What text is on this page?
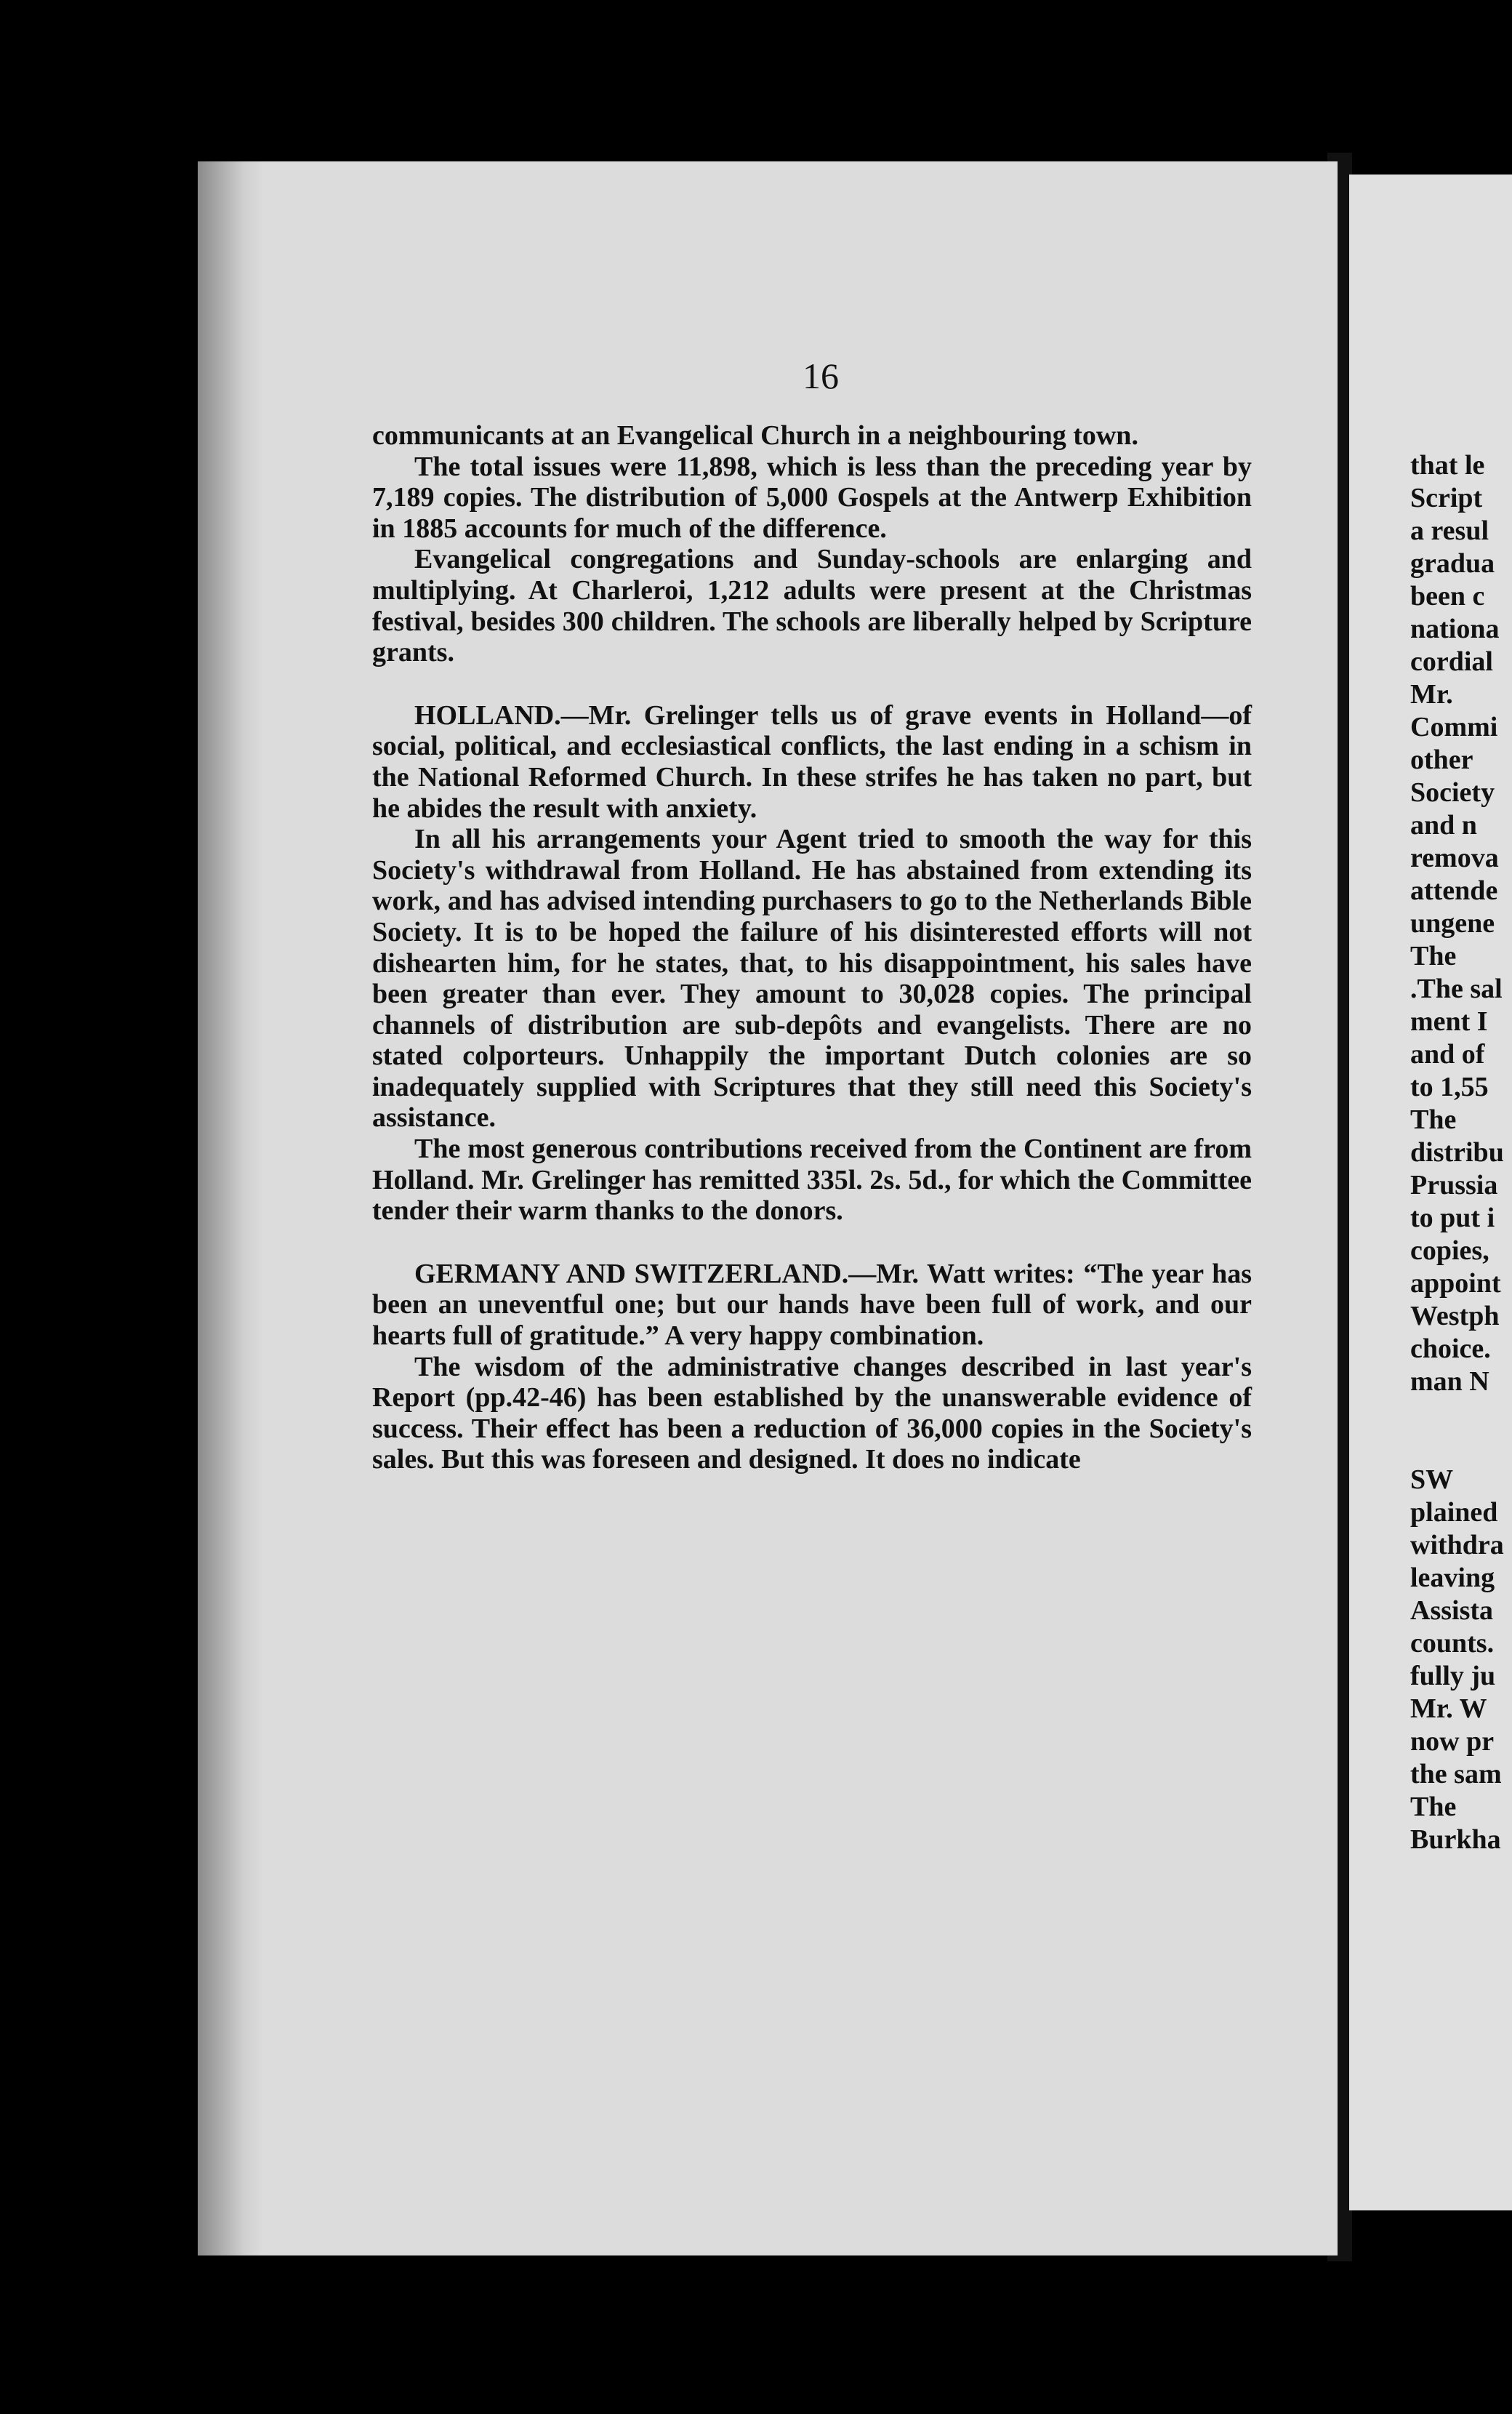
16

communicants at an Evangelical Church in a neighbouring town.

The total issues were 11,898, which is less than the preceding year by 7,189 copies. The distribution of 5,000 Gospels at the Antwerp Exhibition in 1885 accounts for much of the difference.

Evangelical congregations and Sunday-schools are enlarging and multiplying. At Charleroi, 1,212 adults were present at the Christmas festival, besides 300 children. The schools are liberally helped by Scripture grants.

HOLLAND.—Mr. Grelinger tells us of grave events in Holland—of social, political, and ecclesiastical conflicts, the last ending in a schism in the National Reformed Church. In these strifes he has taken no part, but he abides the result with anxiety.

In all his arrangements your Agent tried to smooth the way for this Society's withdrawal from Holland. He has abstained from extending its work, and has advised intending purchasers to go to the Netherlands Bible Society. It is to be hoped the failure of his disinterested efforts will not dishearten him, for he states, that, to his disappointment, his sales have been greater than ever. They amount to 30,028 copies. The principal channels of distribution are sub-depôts and evangelists. There are no stated colporteurs. Unhappily the important Dutch colonies are so inadequately supplied with Scriptures that they still need this Society's assistance.

The most generous contributions received from the Continent are from Holland. Mr. Grelinger has remitted 335l. 2s. 5d., for which the Committee tender their warm thanks to the donors.

GERMANY AND SWITZERLAND.—Mr. Watt writes: “The year has been an uneventful one; but our hands have been full of work, and our hearts full of gratitude.” A very happy combination.

The wisdom of the administrative changes described in last year's Report (pp.42-46) has been established by the unanswerable evidence of success. Their effect has been a reduction of 36,000 copies in the Society's sales. But this was foreseen and designed. It does no indicate

that le
Script
a resul
gradua
been c
nationa
cordial
Mr.
Commi
other
Society
and n
remova
attende
ungene
The
.The sal
ment I
and of
to 1,55
The
distribu
Prussia
to put i
copies,
appoint
Westph
choice.
man N
SW
plained
withdra
leaving
Assista
counts.
fully ju
Mr. W
now pr
the sam
The
Burkha
